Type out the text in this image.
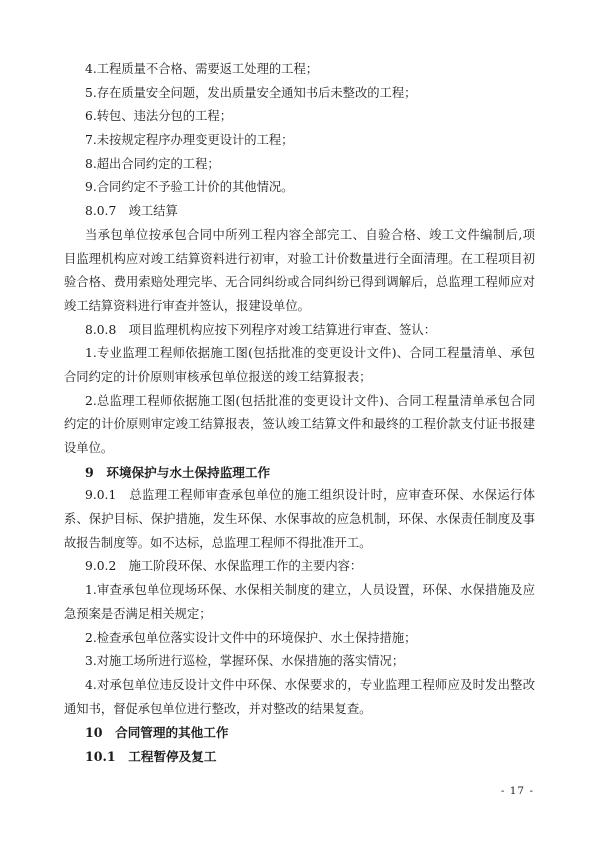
4.工程质量不合格、需要返工处理的工程；
5.存在质量安全问题，发出质量安全通知书后未整改的工程；
6.转包、违法分包的工程；
7.未按规定程序办理变更设计的工程；
8.超出合同约定的工程；
9.合同约定不予验工计价的其他情况。
8.0.7　竣工结算
当承包单位按承包合同中所列工程内容全部完工、自验合格、竣工文件编制后,项
目监理机构应对竣工结算资料进行初审，对验工计价数量进行全面清理。在工程项目初
验合格、费用索赔处理完毕、无合同纠纷或合同纠纷已得到调解后，总监理工程师应对
竣工结算资料进行审查并签认，报建设单位。
8.0.8　项目监理机构应按下列程序对竣工结算进行审查、签认：
1.专业监理工程师依据施工图(包括批准的变更设计文件)、合同工程量清单、承包
合同约定的计价原则审核承包单位报送的竣工结算报表；
2.总监理工程师依据施工图(包括批准的变更设计文件)、合同工程量清单承包合同
约定的计价原则审定竣工结算报表，签认竣工结算文件和最终的工程价款支付证书报建
设单位。
9　环境保护与水土保持监理工作
9.0.1　总监理工程师审查承包单位的施工组织设计时，应审查环保、水保运行体
系、保护目标、保护措施，发生环保、水保事故的应急机制，环保、水保责任制度及事
故报告制度等。如不达标，总监理工程师不得批准开工。
9.0.2　施工阶段环保、水保监理工作的主要内容：
1.审查承包单位现场环保、水保相关制度的建立，人员设置，环保、水保措施及应
急预案是否满足相关规定；
2.检查承包单位落实设计文件中的环境保护、水土保持措施；
3.对施工场所进行巡检，掌握环保、水保措施的落实情况；
4.对承包单位违反设计文件中环保、水保要求的，专业监理工程师应及时发出整改
通知书，督促承包单位进行整改，并对整改的结果复查。
10　合同管理的其他工作
10.1　工程暂停及复工
- 17 -
